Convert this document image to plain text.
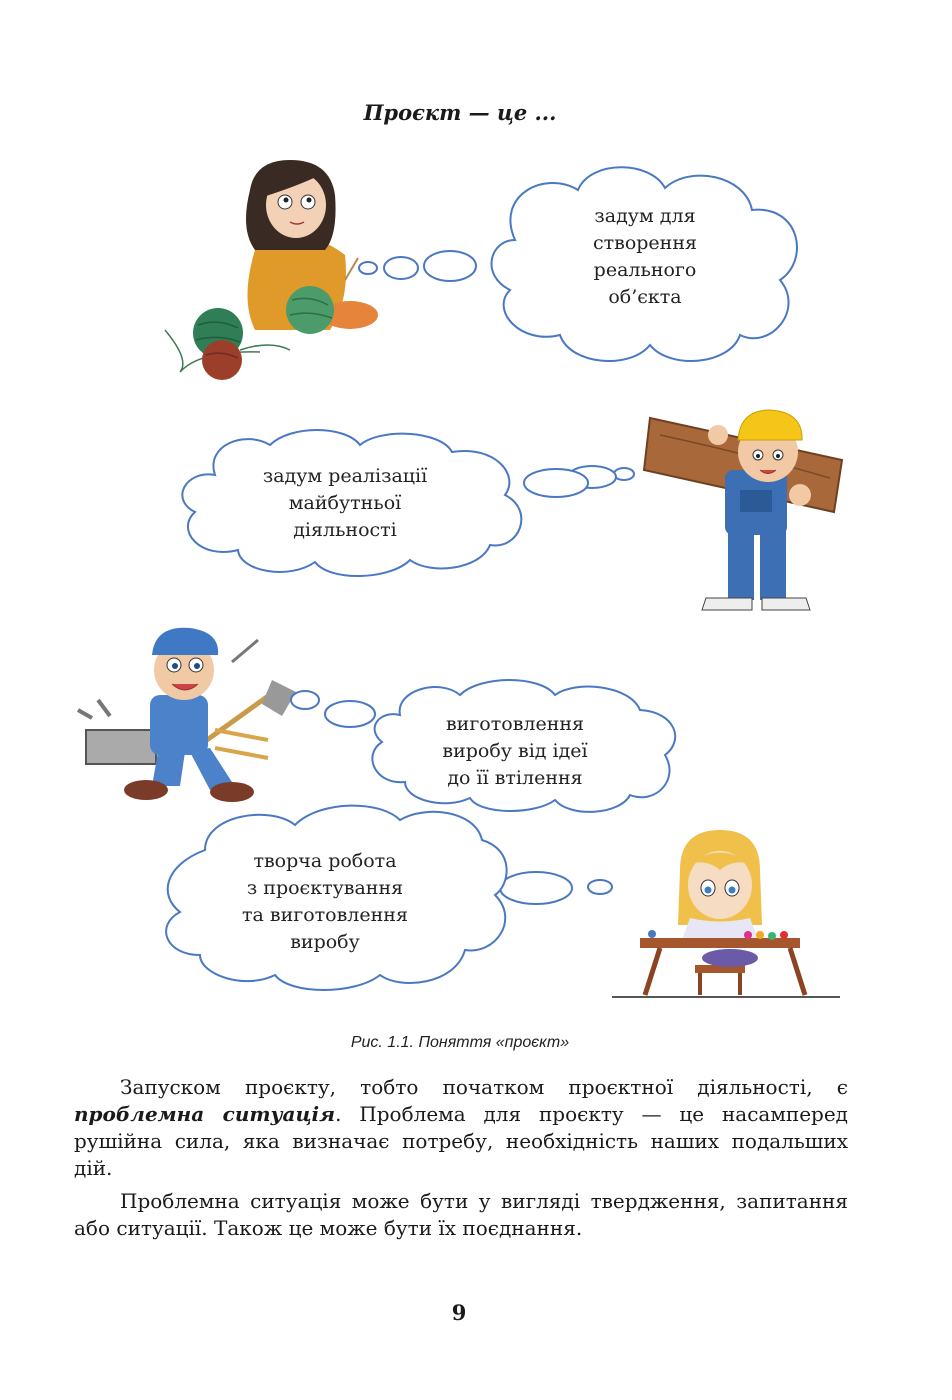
Проєкт — це ...
задум для
створення
реального
об’єкта
задум реалізації
майбутньої
діяльності
виготовлення
виробу від ідеї
до її втілення
творча робота
з проєктування
та виготовлення
виробу
Рис. 1.1. Поняття «проєкт»
Запуском проєкту, тобто початком проєктної діяльності, є проблемна ситуація. Проблема для проєкту — це насамперед рушійна сила, яка визначає потребу, необхідність наших подальших дій.
Проблемна ситуація може бути у вигляді твердження, запитання або ситуації. Також це може бути їх поєднання.
9
